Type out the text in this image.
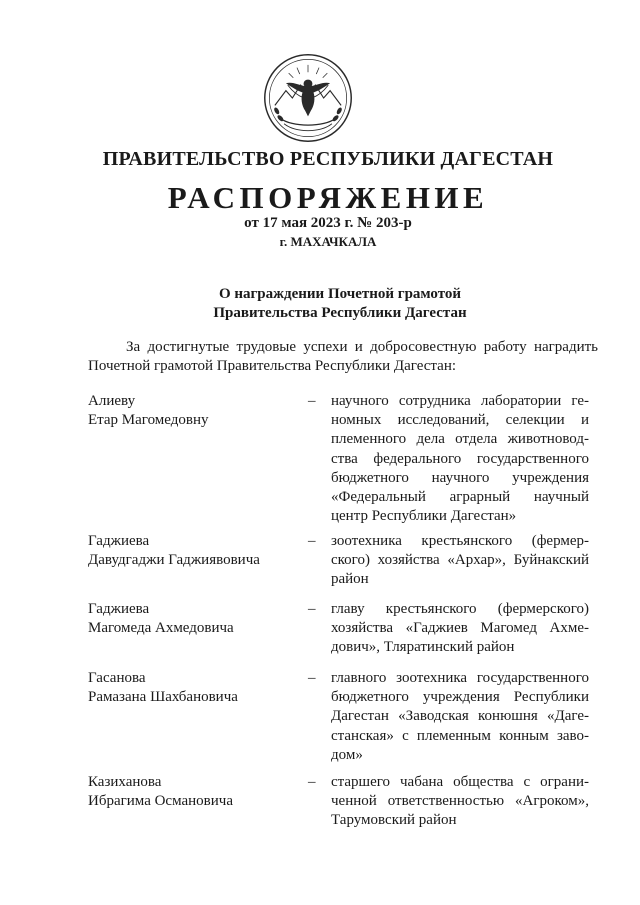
ПРАВИТЕЛЬСТВО РЕСПУБЛИКИ ДАГЕСТАН
РАСПОРЯЖЕНИЕ
от 17 мая 2023 г. № 203-р
г. МАХАЧКАЛА
О награждении Почетной грамотой
Правительства Республики Дагестан
За достигнутые трудовые успехи и добросовестную работу наградить
Почетной грамотой Правительства Республики Дагестан:
Алиеву
Етар Магомедовну
– научного сотрудника лаборатории ге-
номных исследований, селекции и
племенного дела отдела животновод-
ства федерального государственного
бюджетного научного учреждения
«Федеральный аграрный научный
центр Республики Дагестан»
Гаджиева
Давудгаджи Гаджиявовича
– зоотехника крестьянского (фермер-
ского) хозяйства «Архар», Буйнакский
район
Гаджиева
Магомеда Ахмедовича
– главу крестьянского (фермерского)
хозяйства «Гаджиев Магомед Ахме-
дович», Тляратинский район
Гасанова
Рамазана Шахбановича
– главного зоотехника государственного
бюджетного учреждения Республики
Дагестан «Заводская конюшня «Даге-
станская» с племенным конным заво-
дом»
Казиханова
Ибрагима Османовича
– старшего чабана общества с ограни-
ченной ответственностью «Агроком»,
Тарумовский район
